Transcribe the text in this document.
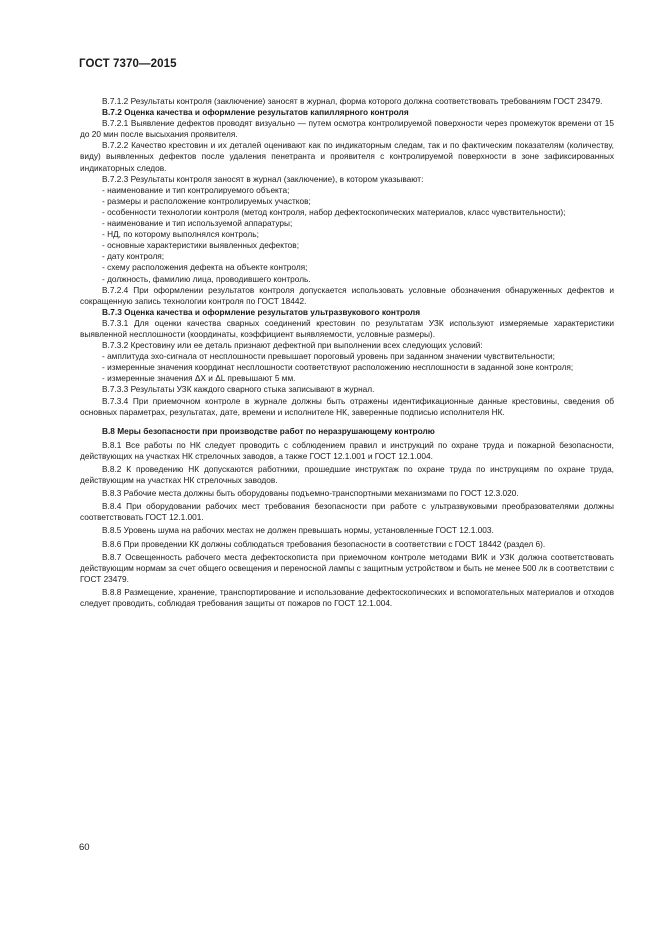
ГОСТ 7370—2015

В.7.1.2 Результаты контроля (заключение) заносят в журнал, форма которого должна соответствовать требованиям ГОСТ 23479.

В.7.2 Оценка качества и оформление результатов капиллярного контроля

В.7.2.1 Выявление дефектов проводят визуально — путем осмотра контролируемой поверхности через промежуток времени от 15 до 20 мин после высыхания проявителя.

В.7.2.2 Качество крестовин и их деталей оценивают как по индикаторным следам, так и по фактическим показателям (количеству, виду) выявленных дефектов после удаления пенетранта и проявителя с контролируемой поверхности в зоне зафиксированных индикаторных следов.

В.7.2.3 Результаты контроля заносят в журнал (заключение), в котором указывают:

- наименование и тип контролируемого объекта;

- размеры и расположение контролируемых участков;

- особенности технологии контроля (метод контроля, набор дефектоскопических материалов, класс чувствительности);

- наименование и тип используемой аппаратуры;

- НД, по которому выполнялся контроль;

- основные характеристики выявленных дефектов;

- дату контроля;

- схему расположения дефекта на объекте контроля;

- должность, фамилию лица, проводившего контроль.

В.7.2.4 При оформлении результатов контроля допускается использовать условные обозначения обнаруженных дефектов и сокращенную запись технологии контроля по ГОСТ 18442.

В.7.3 Оценка качества и оформление результатов ультразвукового контроля

В.7.3.1 Для оценки качества сварных соединений крестовин по результатам УЗК используют измеряемые характеристики выявленной несплошности (координаты, коэффициент выявляемости, условные размеры).

В.7.3.2 Крестовину или ее деталь признают дефектной при выполнении всех следующих условий:

- амплитуда эхо-сигнала от несплошности превышает пороговый уровень при заданном значении чувствительности;

- измеренные значения координат несплошности соответствуют расположению несплошности в заданной зоне контроля;

- измеренные значения ΔX и ΔL превышают 5 мм.

В.7.3.3 Результаты УЗК каждого сварного стыка записывают в журнал.

В.7.3.4 При приемочном контроле в журнале должны быть отражены идентификационные данные крестовины, сведения об основных параметрах, результатах, дате, времени и исполнителе НК, заверенные подписью исполнителя НК.

В.8 Меры безопасности при производстве работ по неразрушающему контролю

В.8.1 Все работы по НК следует проводить с соблюдением правил и инструкций по охране труда и пожарной безопасности, действующих на участках НК стрелочных заводов, а также ГОСТ 12.1.001 и ГОСТ 12.1.004.

В.8.2 К проведению НК допускаются работники, прошедшие инструктаж по охране труда по инструкциям по охране труда, действующим на участках НК стрелочных заводов.

В.8.3 Рабочие места должны быть оборудованы подъемно-транспортными механизмами по ГОСТ 12.3.020.

В.8.4 При оборудовании рабочих мест требования безопасности при работе с ультразвуковыми преобразователями должны соответствовать ГОСТ 12.1.001.

В.8.5 Уровень шума на рабочих местах не должен превышать нормы, установленные ГОСТ 12.1.003.

В.8.6 При проведении КК должны соблюдаться требования безопасности в соответствии с ГОСТ 18442 (раздел 6).

В.8.7 Освещенность рабочего места дефектоскописта при приемочном контроле методами ВИК и УЗК должна соответствовать действующим нормам за счет общего освещения и переносной лампы с защитным устройством и быть не менее 500 лк в соответствии с ГОСТ 23479.

В.8.8 Размещение, хранение, транспортирование и использование дефектоскопических и вспомогательных материалов и отходов следует проводить, соблюдая требования защиты от пожаров по ГОСТ 12.1.004.

60
